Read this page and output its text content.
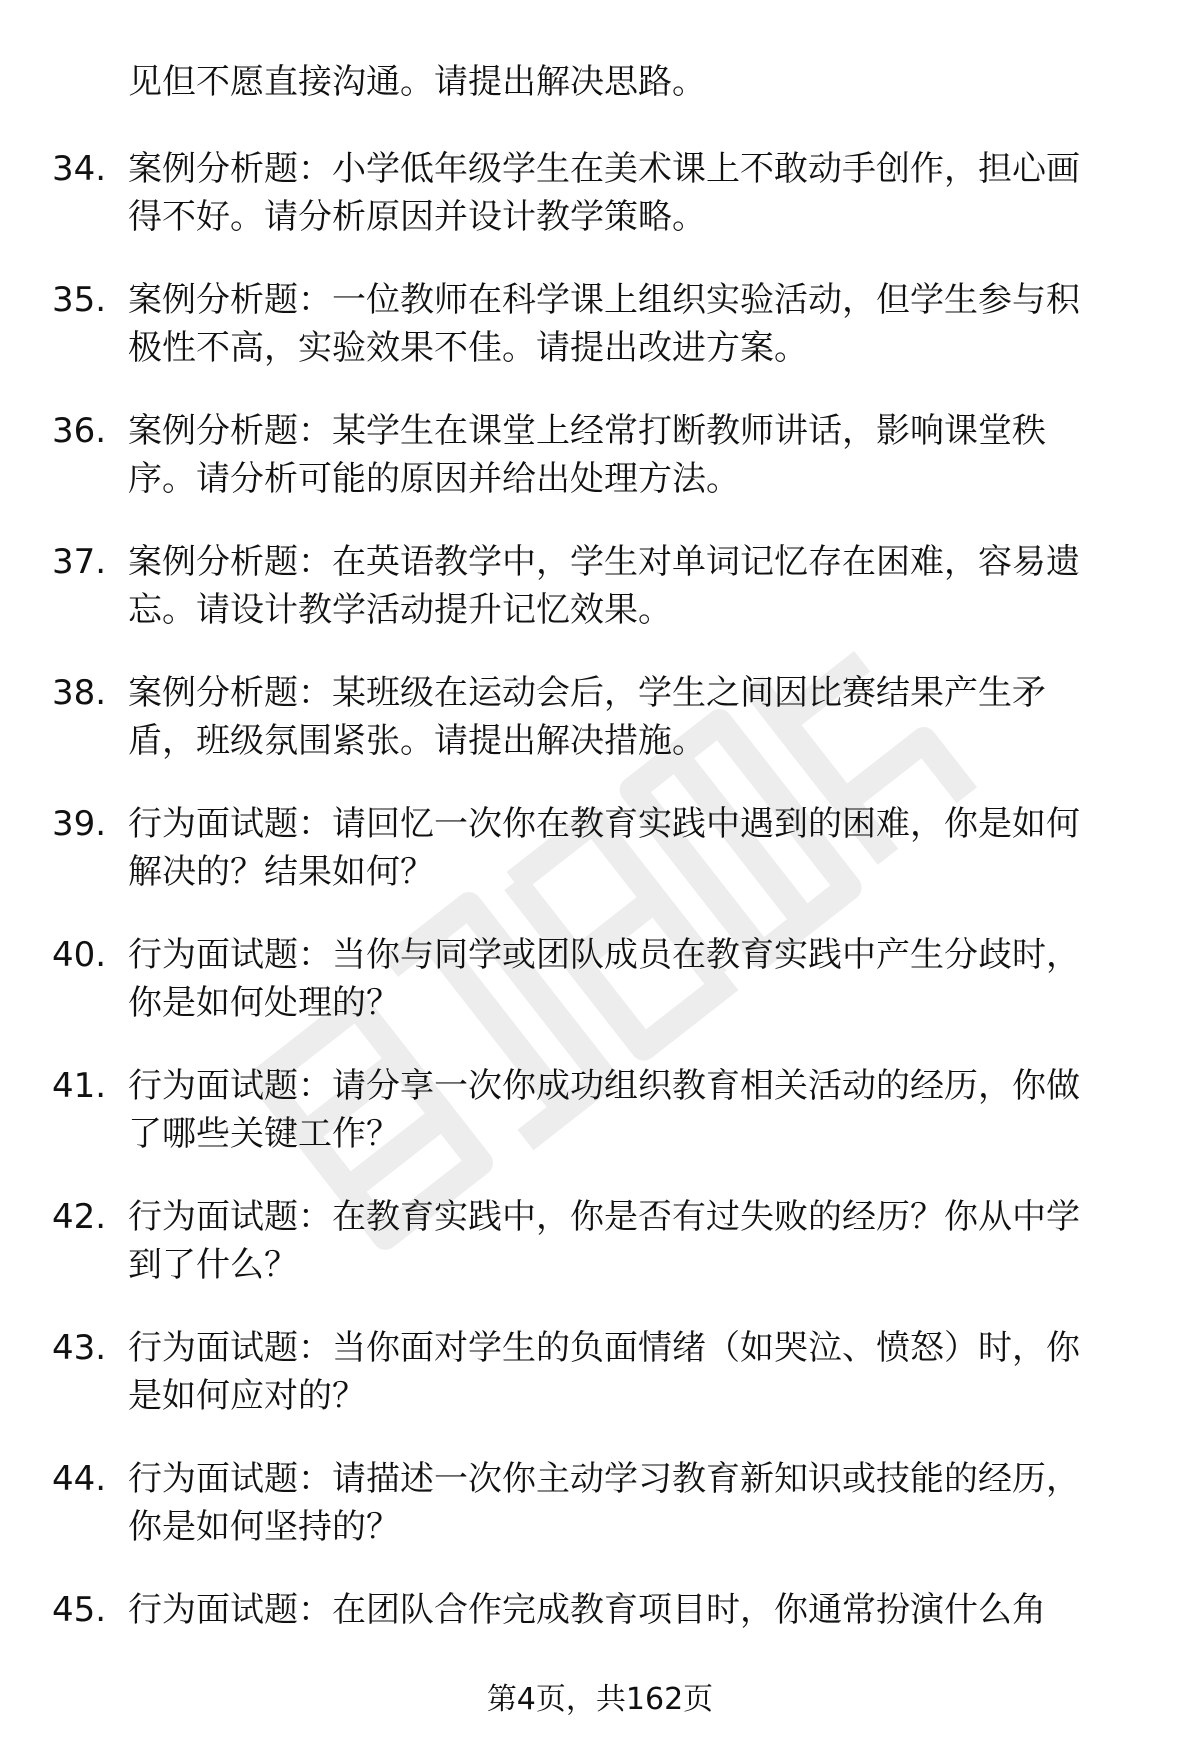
见但不愿直接沟通。请提出解决思路。
34. 案例分析题：小学低年级学生在美术课上不敢动手创作，担心画
得不好。请分析原因并设计教学策略。
35. 案例分析题：一位教师在科学课上组织实验活动，但学生参与积
极性不高，实验效果不佳。请提出改进方案。
36. 案例分析题：某学生在课堂上经常打断教师讲话，影响课堂秩
序。请分析可能的原因并给出处理方法。
37. 案例分析题：在英语教学中，学生对单词记忆存在困难，容易遗
忘。请设计教学活动提升记忆效果。
38. 案例分析题：某班级在运动会后，学生之间因比赛结果产生矛
盾，班级氛围紧张。请提出解决措施。
39. 行为面试题：请回忆一次你在教育实践中遇到的困难，你是如何
解决的？结果如何？
40. 行为面试题：当你与同学或团队成员在教育实践中产生分歧时，
你是如何处理的？
41. 行为面试题：请分享一次你成功组织教育相关活动的经历，你做
了哪些关键工作？
42. 行为面试题：在教育实践中，你是否有过失败的经历？你从中学
到了什么？
43. 行为面试题：当你面对学生的负面情绪（如哭泣、愤怒）时，你
是如何应对的？
44. 行为面试题：请描述一次你主动学习教育新知识或技能的经历，
你是如何坚持的？
45. 行为面试题：在团队合作完成教育项目时，你通常扮演什么角
第4页，共162页
